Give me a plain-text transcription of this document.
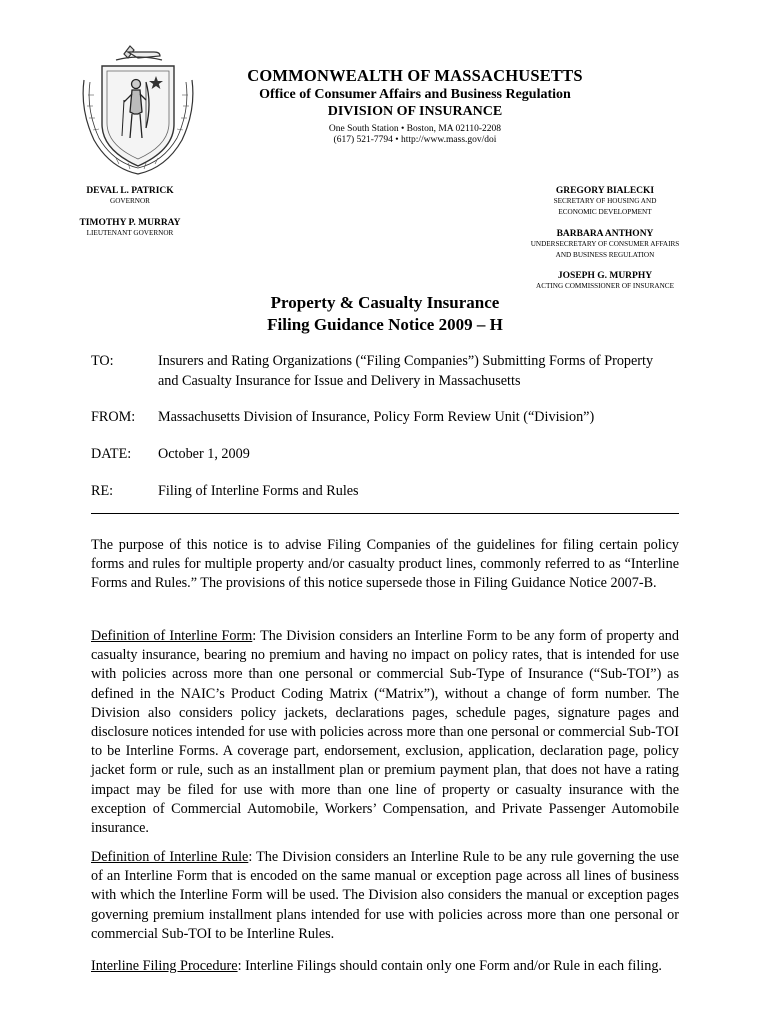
COMMONWEALTH OF MASSACHUSETTS
Office of Consumer Affairs and Business Regulation
DIVISION OF INSURANCE
One South Station • Boston, MA 02110-2208
(617) 521-7794 • http://www.mass.gov/doi
DEVAL L. PATRICK
GOVERNOR
TIMOTHY P. MURRAY
LIEUTENANT GOVERNOR
GREGORY BIALECKI
SECRETARY OF HOUSING AND
ECONOMIC DEVELOPMENT
BARBARA ANTHONY
UNDERSECRETARY OF CONSUMER AFFAIRS
AND BUSINESS REGULATION
JOSEPH G. MURPHY
ACTING COMMISSIONER OF INSURANCE
Property & Casualty Insurance
Filing Guidance Notice 2009 – H
TO:	Insurers and Rating Organizations (“Filing Companies”) Submitting Forms of Property
and Casualty Insurance for Issue and Delivery in Massachusetts
FROM:	Massachusetts Division of Insurance, Policy Form Review Unit (“Division”)
DATE:	October 1, 2009
RE:	Filing of Interline Forms and Rules

The purpose of this notice is to advise Filing Companies of the guidelines for filing certain policy forms and rules for multiple property and/or casualty product lines, commonly referred to as “Interline Forms and Rules.” The provisions of this notice supersede those in Filing Guidance Notice 2007-B.

Definition of Interline Form: The Division considers an Interline Form to be any form of property and casualty insurance, bearing no premium and having no impact on policy rates, that is intended for use with policies across more than one personal or commercial Sub-Type of Insurance (“Sub-TOI”) as defined in the NAIC’s Product Coding Matrix (“Matrix”), without a change of form number. The Division also considers policy jackets, declarations pages, schedule pages, signature pages and disclosure notices intended for use with policies across more than one personal or commercial Sub-TOI to be Interline Forms. A coverage part, endorsement, exclusion, application, declaration page, policy jacket form or rule, such as an installment plan or premium payment plan, that does not have a rating impact may be filed for use with more than one line of property or casualty insurance with the exception of Commercial Automobile, Workers’ Compensation, and Private Passenger Automobile insurance.

Definition of Interline Rule: The Division considers an Interline Rule to be any rule governing the use of an Interline Form that is encoded on the same manual or exception page across all lines of business with which the Interline Form will be used. The Division also considers the manual or exception pages governing premium installment plans intended for use with policies across more than one personal or commercial Sub-TOI to be Interline Rules.

Interline Filing Procedure: Interline Filings should contain only one Form and/or Rule in each filing.
